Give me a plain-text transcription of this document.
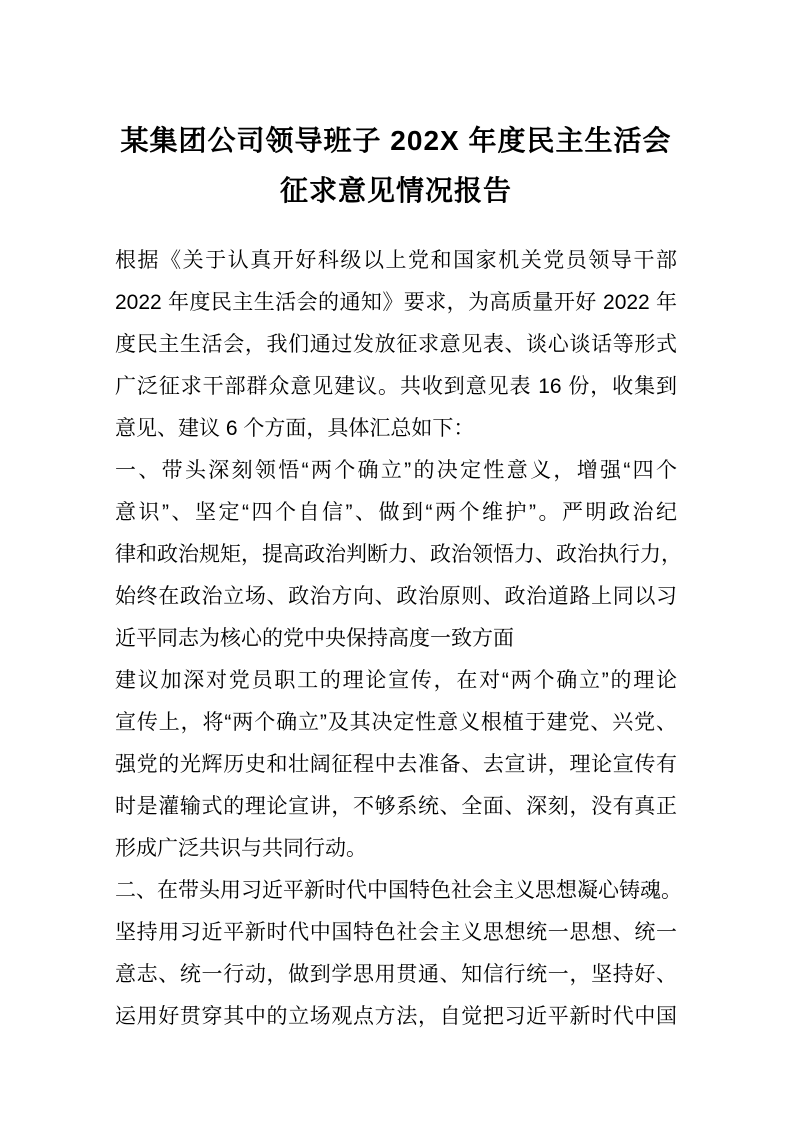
某集团公司领导班子 202X 年度民主生活会
征求意见情况报告
根据《关于认真开好科级以上党和国家机关党员领导干部
2022 年度民主生活会的通知》要求，为高质量开好 2022 年
度民主生活会，我们通过发放征求意见表、谈心谈话等形式
广泛征求干部群众意见建议。共收到意见表 16 份，收集到
意见、建议 6 个方面，具体汇总如下：
一、带头深刻领悟“两个确立”的决定性意义，增强“四个
意识”、坚定“四个自信”、做到“两个维护”。严明政治纪
律和政治规矩，提高政治判断力、政治领悟力、政治执行力，
始终在政治立场、政治方向、政治原则、政治道路上同以习
近平同志为核心的党中央保持高度一致方面
建议加深对党员职工的理论宣传，在对“两个确立”的理论
宣传上，将“两个确立”及其决定性意义根植于建党、兴党、
强党的光辉历史和壮阔征程中去准备、去宣讲，理论宣传有
时是灌输式的理论宣讲，不够系统、全面、深刻，没有真正
形成广泛共识与共同行动。
二、在带头用习近平新时代中国特色社会主义思想凝心铸魂。
坚持用习近平新时代中国特色社会主义思想统一思想、统一
意志、统一行动，做到学思用贯通、知信行统一，坚持好、
运用好贯穿其中的立场观点方法，自觉把习近平新时代中国
